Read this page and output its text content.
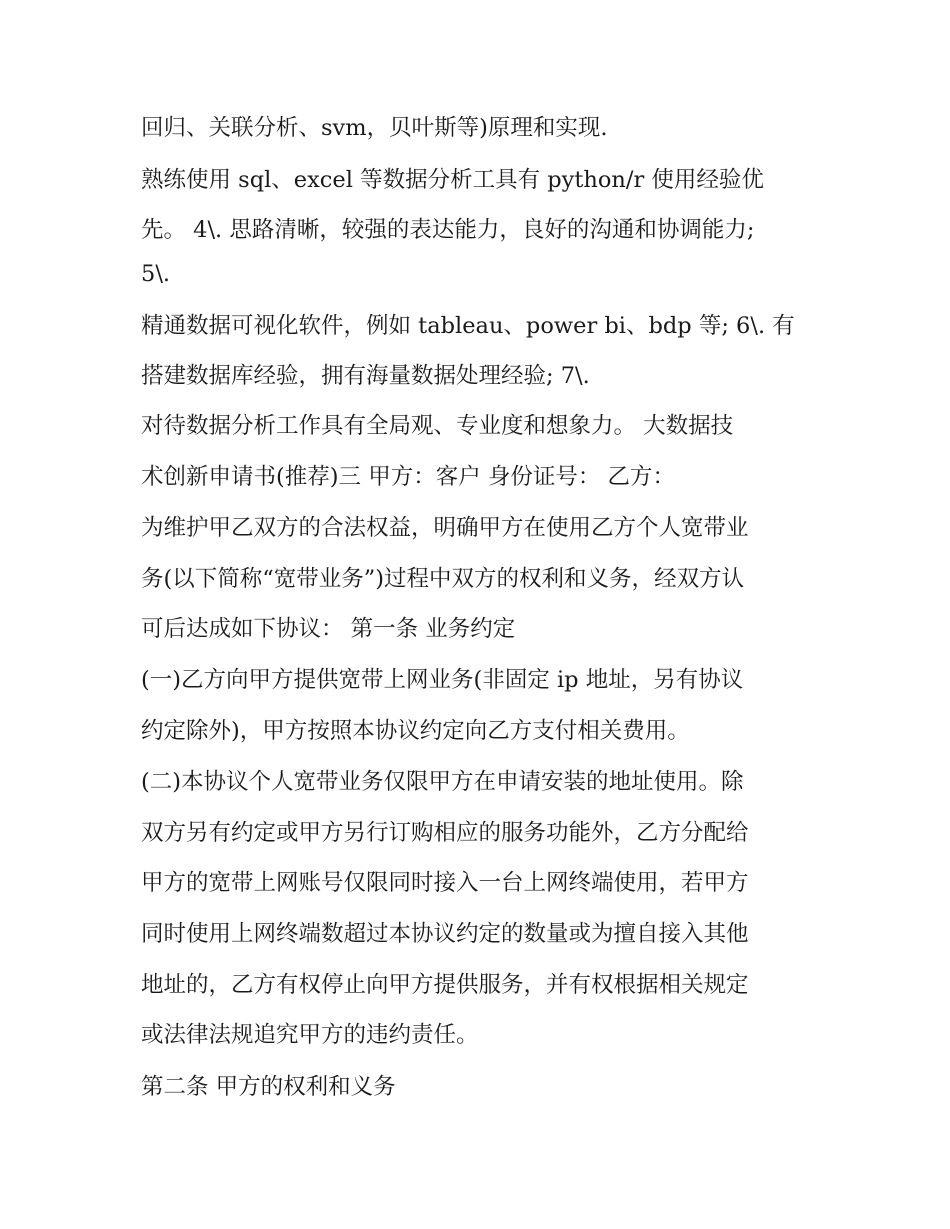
回归、关联分析、svm，贝叶斯等)原理和实现.
熟练使用 sql、excel 等数据分析工具有 python/r 使用经验优
先。 4\. 思路清晰，较强的表达能力，良好的沟通和协调能力;
5\.
精通数据可视化软件，例如 tableau、power bi、bdp 等; 6\. 有
搭建数据库经验，拥有海量数据处理经验; 7\.
对待数据分析工作具有全局观、专业度和想象力。 大数据技
术创新申请书(推荐)三 甲方：客户 身份证号： 乙方：
为维护甲乙双方的合法权益，明确甲方在使用乙方个人宽带业
务(以下简称“宽带业务”)过程中双方的权利和义务，经双方认
可后达成如下协议： 第一条 业务约定
(一)乙方向甲方提供宽带上网业务(非固定 ip 地址，另有协议
约定除外)，甲方按照本协议约定向乙方支付相关费用。
(二)本协议个人宽带业务仅限甲方在申请安装的地址使用。除
双方另有约定或甲方另行订购相应的服务功能外，乙方分配给
甲方的宽带上网账号仅限同时接入一台上网终端使用，若甲方
同时使用上网终端数超过本协议约定的数量或为擅自接入其他
地址的，乙方有权停止向甲方提供服务，并有权根据相关规定
或法律法规追究甲方的违约责任。
第二条 甲方的权利和义务
